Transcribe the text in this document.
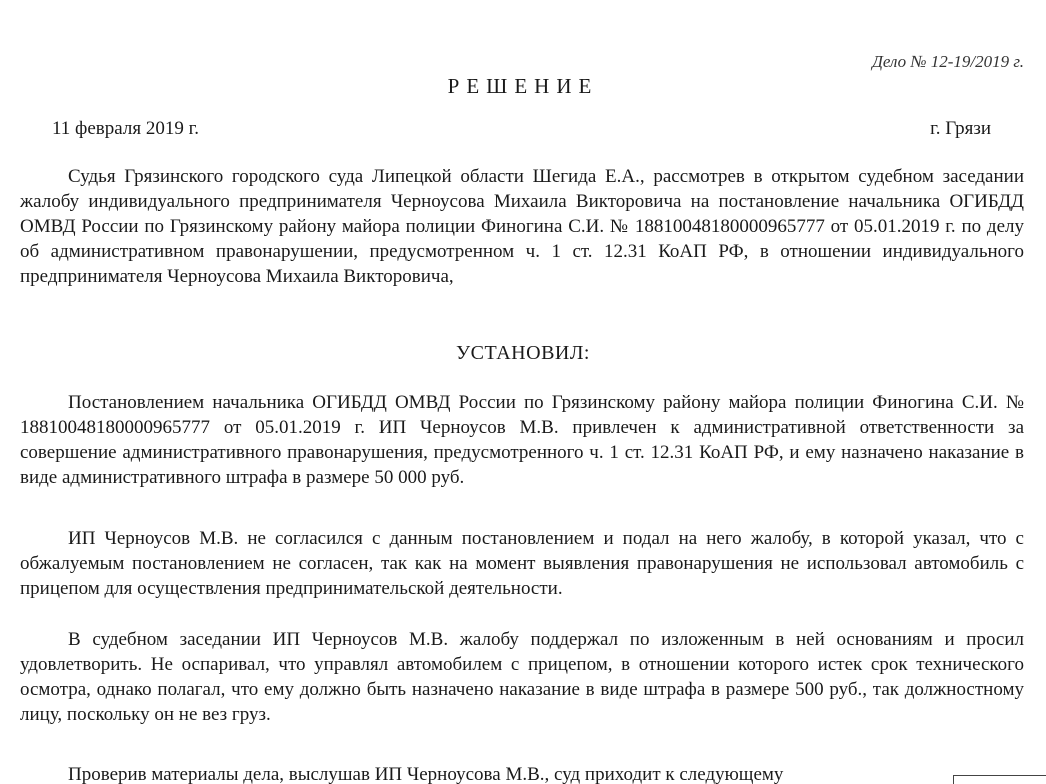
Дело № 12-19/2019 г.
РЕШЕНИЕ
11 февраля 2019 г.	г. Грязи

Судья Грязинского городского суда Липецкой области Шегида Е.А., рассмотрев в открытом судебном заседании жалобу индивидуального предпринимателя Черноусова Михаила Викторовича на постановление начальника ОГИБДД ОМВД России по Грязинскому району майора полиции Финогина С.И. № 18810048180000965777 от 05.01.2019 г. по делу об административном правонарушении, предусмотренном ч. 1 ст. 12.31 КоАП РФ, в отношении индивидуального предпринимателя Черноусова Михаила Викторовича,

УСТАНОВИЛ:

Постановлением начальника ОГИБДД ОМВД России по Грязинскому району майора полиции Финогина С.И. № 18810048180000965777 от 05.01.2019 г. ИП Черноусов М.В. привлечен к административной ответственности за совершение административного правонарушения, предусмотренного ч. 1 ст. 12.31 КоАП РФ, и ему назначено наказание в виде административного штрафа в размере 50 000 руб.

ИП Черноусов М.В. не согласился с данным постановлением и подал на него жалобу, в которой указал, что с обжалуемым постановлением не согласен, так как на момент выявления правонарушения не использовал автомобиль с прицепом для осуществления предпринимательской деятельности.

В судебном заседании ИП Черноусов М.В. жалобу поддержал по изложенным в ней основаниям и просил удовлетворить. Не оспаривал, что управлял автомобилем с прицепом, в отношении которого истек срок технического осмотра, однако полагал, что ему должно быть назначено наказание в виде штрафа в размере 500 руб., так должностному лицу, поскольку он не вез груз.

Проверив материалы дела, выслушав ИП Черноусова М.В., суд приходит к следующему
